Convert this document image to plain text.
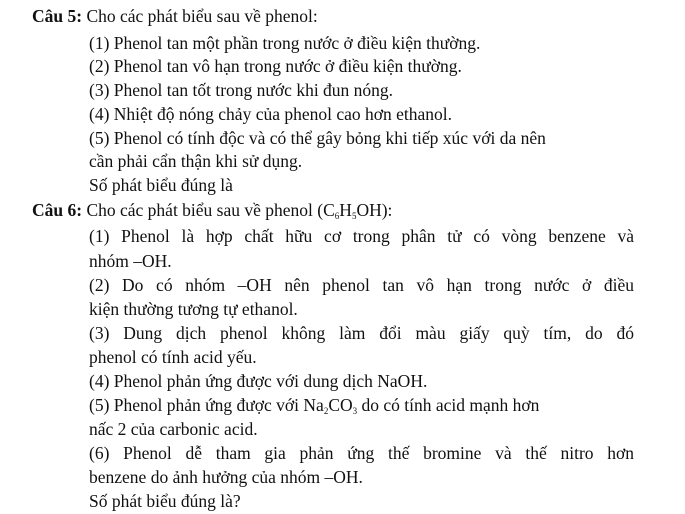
Câu 5: Cho các phát biểu sau về phenol:
(1) Phenol tan một phần trong nước ở điều kiện thường.
(2) Phenol tan vô hạn trong nước ở điều kiện thường.
(3) Phenol tan tốt trong nước khi đun nóng.
(4) Nhiệt độ nóng chảy của phenol cao hơn ethanol.
(5) Phenol có tính độc và có thể gây bỏng khi tiếp xúc với da nên
cần phải cẩn thận khi sử dụng.
Số phát biểu đúng là
Câu 6: Cho các phát biểu sau về phenol $(C_6H_5OH)$:
(1) Phenol là hợp chất hữu cơ trong phân tử có vòng benzene và
nhóm –OH.
(2) Do có nhóm –OH nên phenol tan vô hạn trong nước ở điều
kiện thường tương tự ethanol.
(3) Dung dịch phenol không làm đổi màu giấy quỳ tím, do đó
phenol có tính acid yếu.
(4) Phenol phản ứng được với dung dịch NaOH.
(5) Phenol phản ứng được với $Na_2CO_3$ do có tính acid mạnh hơn
nấc 2 của carbonic acid.
(6) Phenol dễ tham gia phản ứng thế bromine và thế nitro hơn
benzene do ảnh hưởng của nhóm –OH.
Số phát biểu đúng là?
